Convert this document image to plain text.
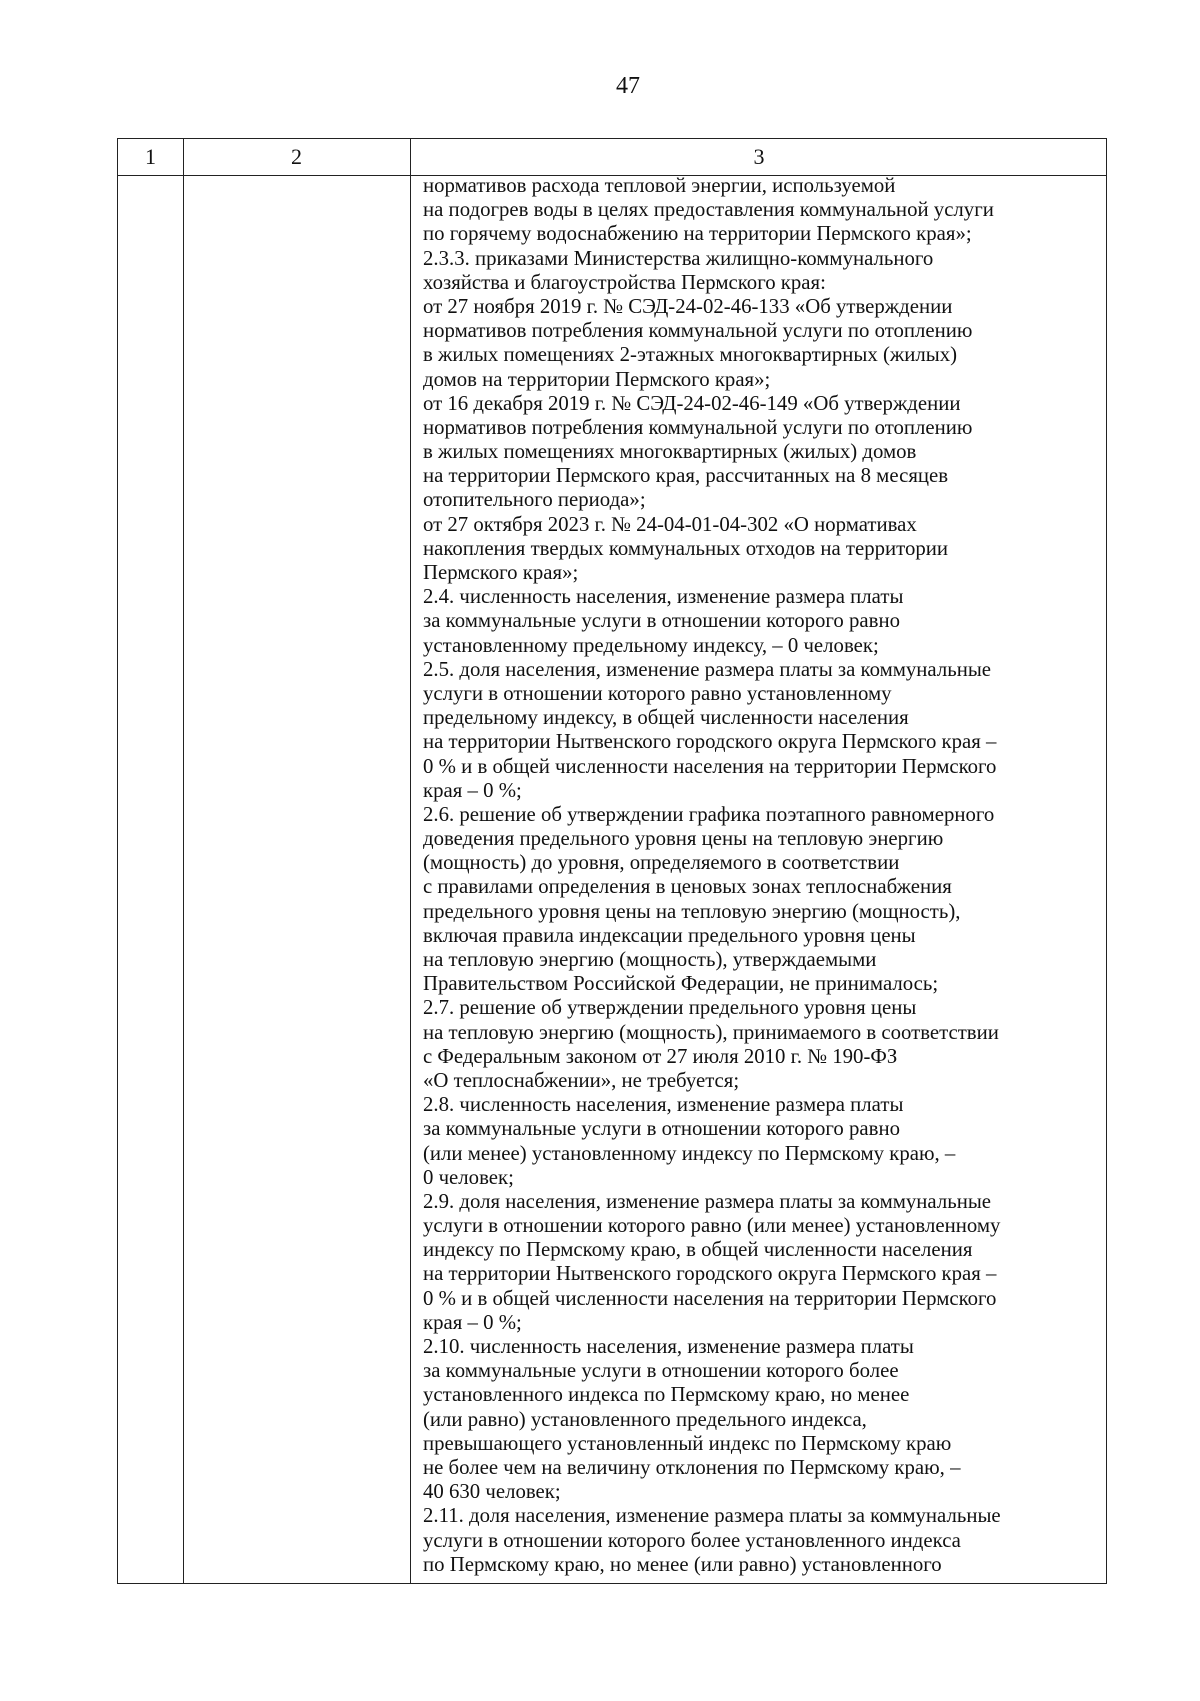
47
1	2	3
нормативов расхода тепловой энергии, используемой
на подогрев воды в целях предоставления коммунальной услуги
по горячему водоснабжению на территории Пермского края»;
2.3.3. приказами Министерства жилищно-коммунального
хозяйства и благоустройства Пермского края:
от 27 ноября 2019 г. № СЭД-24-02-46-133 «Об утверждении
нормативов потребления коммунальной услуги по отоплению
в жилых помещениях 2-этажных многоквартирных (жилых)
домов на территории Пермского края»;
от 16 декабря 2019 г. № СЭД-24-02-46-149 «Об утверждении
нормативов потребления коммунальной услуги по отоплению
в жилых помещениях многоквартирных (жилых) домов
на территории Пермского края, рассчитанных на 8 месяцев
отопительного периода»;
от 27 октября 2023 г. № 24-04-01-04-302 «О нормативах
накопления твердых коммунальных отходов на территории
Пермского края»;
2.4. численность населения, изменение размера платы
за коммунальные услуги в отношении которого равно
установленному предельному индексу, – 0 человек;
2.5. доля населения, изменение размера платы за коммунальные
услуги в отношении которого равно установленному
предельному индексу, в общей численности населения
на территории Нытвенского городского округа Пермского края –
0 % и в общей численности населения на территории Пермского
края – 0 %;
2.6. решение об утверждении графика поэтапного равномерного
доведения предельного уровня цены на тепловую энергию
(мощность) до уровня, определяемого в соответствии
с правилами определения в ценовых зонах теплоснабжения
предельного уровня цены на тепловую энергию (мощность),
включая правила индексации предельного уровня цены
на тепловую энергию (мощность), утверждаемыми
Правительством Российской Федерации, не принималось;
2.7. решение об утверждении предельного уровня цены
на тепловую энергию (мощность), принимаемого в соответствии
с Федеральным законом от 27 июля 2010 г. № 190-ФЗ
«О теплоснабжении», не требуется;
2.8. численность населения, изменение размера платы
за коммунальные услуги в отношении которого равно
(или менее) установленному индексу по Пермскому краю, –
0 человек;
2.9. доля населения, изменение размера платы за коммунальные
услуги в отношении которого равно (или менее) установленному
индексу по Пермскому краю, в общей численности населения
на территории Нытвенского городского округа Пермского края –
0 % и в общей численности населения на территории Пермского
края – 0 %;
2.10. численность населения, изменение размера платы
за коммунальные услуги в отношении которого более
установленного индекса по Пермскому краю, но менее
(или равно) установленного предельного индекса,
превышающего установленный индекс по Пермскому краю
не более чем на величину отклонения по Пермскому краю, –
40 630 человек;
2.11. доля населения, изменение размера платы за коммунальные
услуги в отношении которого более установленного индекса
по Пермскому краю, но менее (или равно) установленного
